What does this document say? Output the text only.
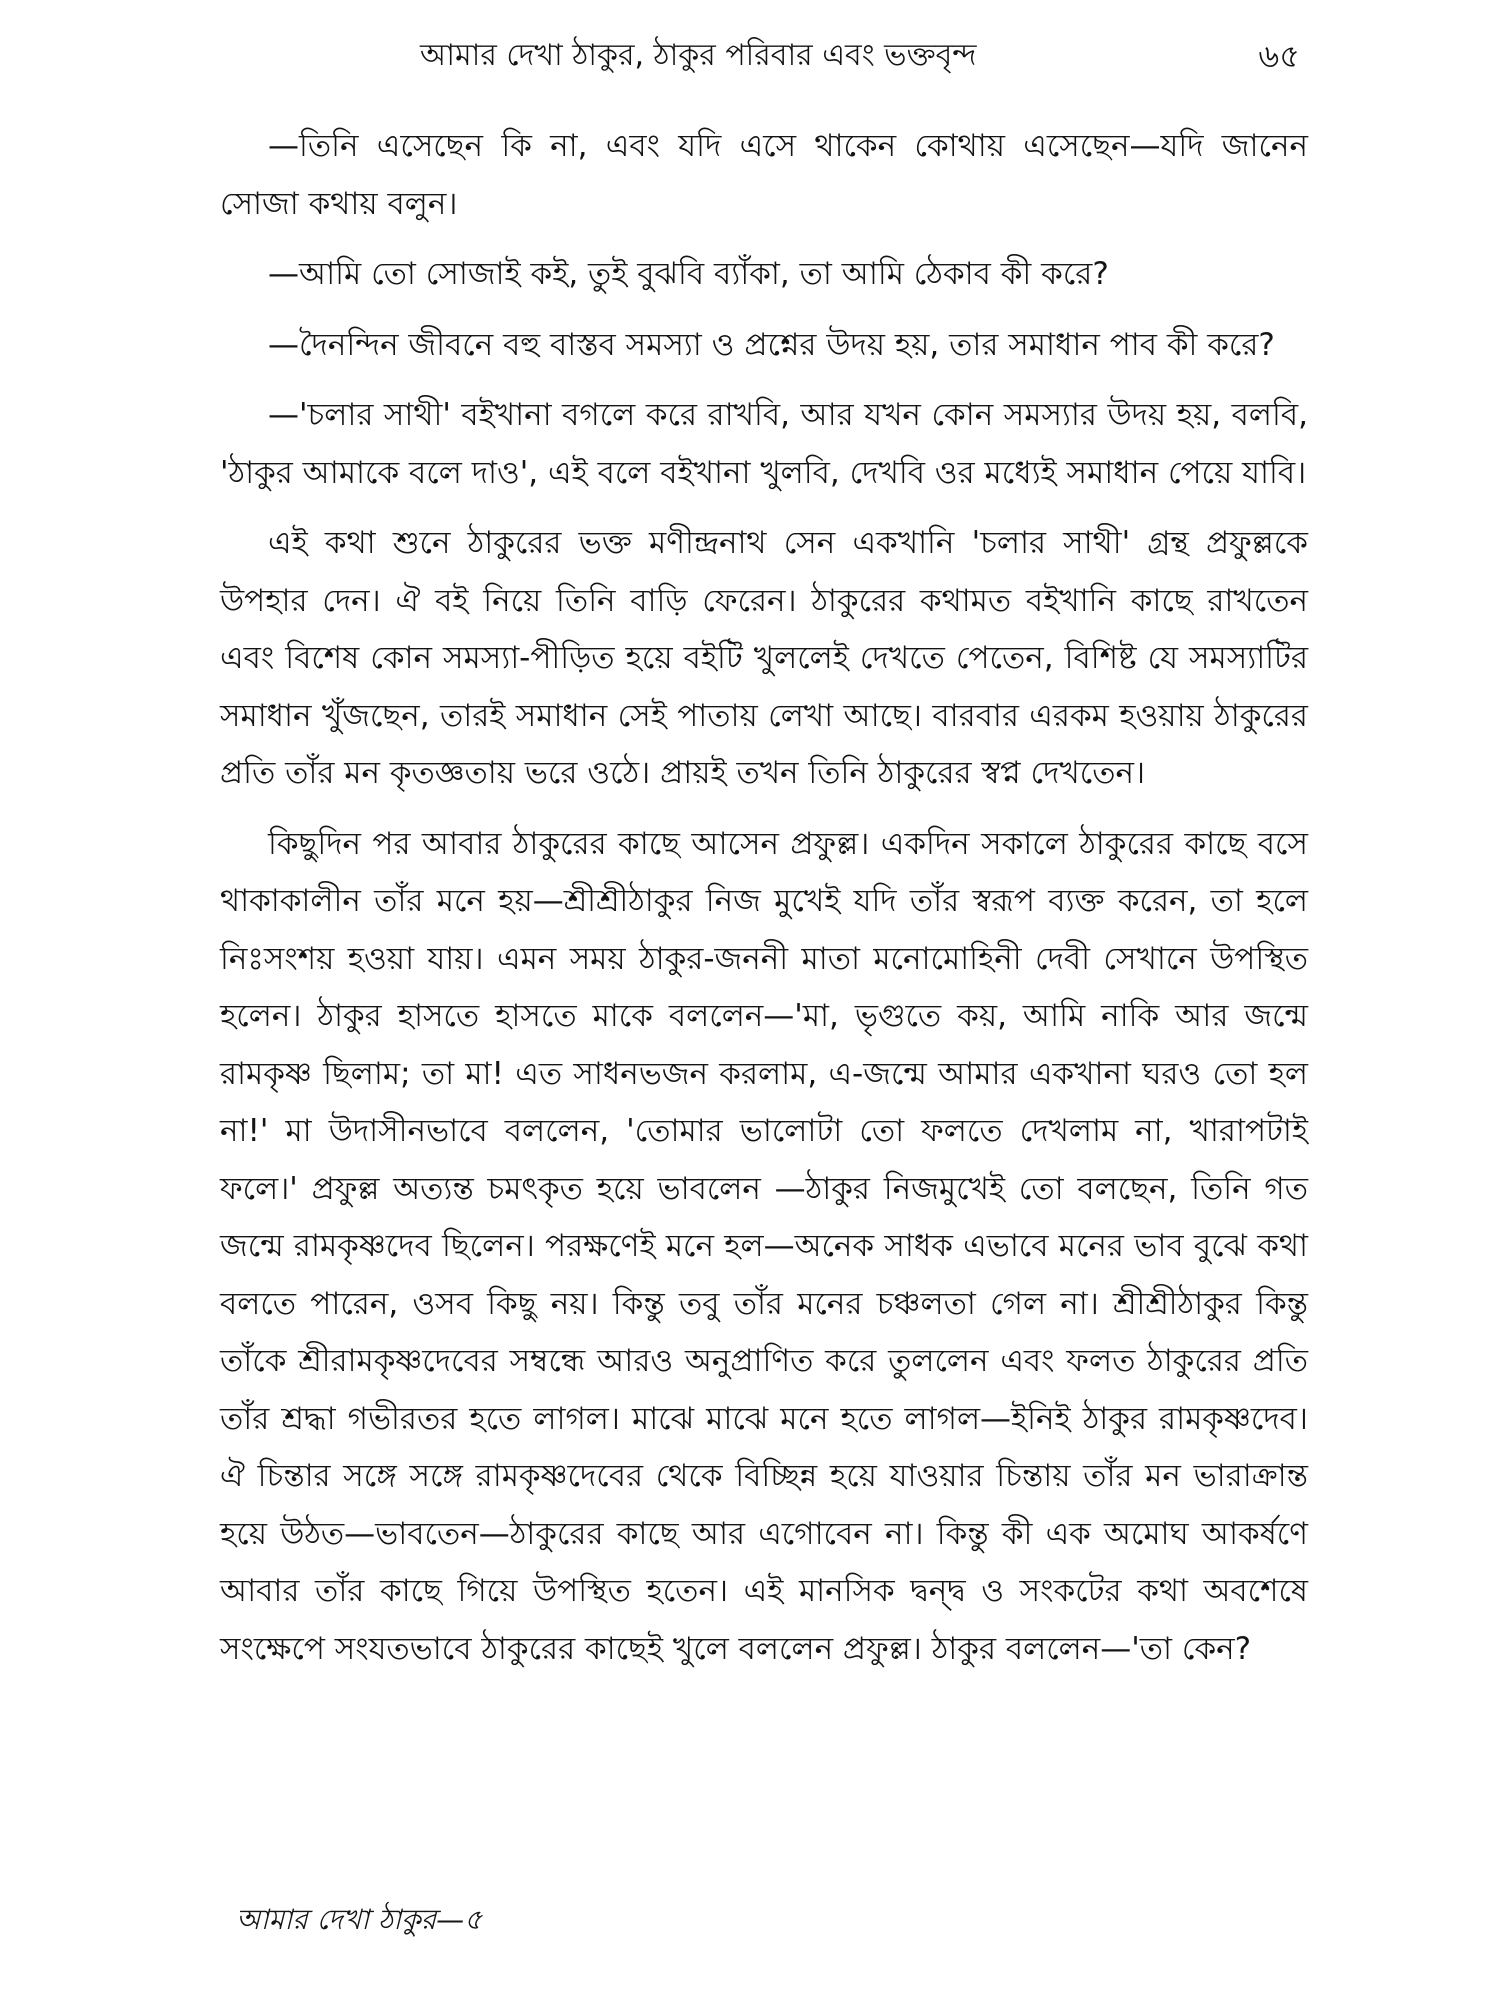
আমার দেখা ঠাকুর, ঠাকুর পরিবার এবং ভক্তবৃন্দ	৬৫

—তিনি এসেছেন কি না, এবং যদি এসে থাকেন কোথায় এসেছেন—যদি জানেন সোজা কথায় বলুন।

—আমি তো সোজাই কই, তুই বুঝবি ব্যাঁকা, তা আমি ঠেকাব কী করে?

—দৈনন্দিন জীবনে বহু বাস্তব সমস্যা ও প্রশ্নের উদয় হয়, তার সমাধান পাব কী করে?

—'চলার সাথী' বইখানা বগলে করে রাখবি, আর যখন কোন সমস্যার উদয় হয়, বলবি, 'ঠাকুর আমাকে বলে দাও', এই বলে বইখানা খুলবি, দেখবি ওর মধ্যেই সমাধান পেয়ে যাবি।

এই কথা শুনে ঠাকুরের ভক্ত মণীন্দ্রনাথ সেন একখানি 'চলার সাথী' গ্রন্থ প্রফুল্লকে উপহার দেন। ঐ বই নিয়ে তিনি বাড়ি ফেরেন। ঠাকুরের কথামত বইখানি কাছে রাখতেন এবং বিশেষ কোন সমস্যা-পীড়িত হয়ে বইটি খুললেই দেখতে পেতেন, বিশিষ্ট যে সমস্যাটির সমাধান খুঁজছেন, তারই সমাধান সেই পাতায় লেখা আছে। বারবার এরকম হওয়ায় ঠাকুরের প্রতি তাঁর মন কৃতজ্ঞতায় ভরে ওঠে। প্রায়ই তখন তিনি ঠাকুরের স্বপ্ন দেখতেন।

কিছুদিন পর আবার ঠাকুরের কাছে আসেন প্রফুল্ল। একদিন সকালে ঠাকুরের কাছে বসে থাকাকালীন তাঁর মনে হয়—শ্রীশ্রীঠাকুর নিজ মুখেই যদি তাঁর স্বরূপ ব্যক্ত করেন, তা হলে নিঃসংশয় হওয়া যায়। এমন সময় ঠাকুর-জননী মাতা মনোমোহিনী দেবী সেখানে উপস্থিত হলেন। ঠাকুর হাসতে হাসতে মাকে বললেন—'মা, ভৃগুতে কয়, আমি নাকি আর জন্মে রামকৃষ্ণ ছিলাম; তা মা! এত সাধনভজন করলাম, এ-জন্মে আমার একখানা ঘরও তো হল না!' মা উদাসীনভাবে বললেন, 'তোমার ভালোটা তো ফলতে দেখলাম না, খারাপটাই ফলে।' প্রফুল্ল অত্যন্ত চমৎকৃত হয়ে ভাবলেন —ঠাকুর নিজমুখেই তো বলছেন, তিনি গত জন্মে রামকৃষ্ণদেব ছিলেন। পরক্ষণেই মনে হল—অনেক সাধক এভাবে মনের ভাব বুঝে কথা বলতে পারেন, ওসব কিছু নয়। কিন্তু তবু তাঁর মনের চঞ্চলতা গেল না। শ্রীশ্রীঠাকুর কিন্তু তাঁকে শ্রীরামকৃষ্ণদেবের সম্বন্ধে আরও অনুপ্রাণিত করে তুললেন এবং ফলত ঠাকুরের প্রতি তাঁর শ্রদ্ধা গভীরতর হতে লাগল। মাঝে মাঝে মনে হতে লাগল—ইনিই ঠাকুর রামকৃষ্ণদেব। ঐ চিন্তার সঙ্গে সঙ্গে রামকৃষ্ণদেবের থেকে বিচ্ছিন্ন হয়ে যাওয়ার চিন্তায় তাঁর মন ভারাক্রান্ত হয়ে উঠত—ভাবতেন—ঠাকুরের কাছে আর এগোবেন না। কিন্তু কী এক অমোঘ আকর্ষণে আবার তাঁর কাছে গিয়ে উপস্থিত হতেন। এই মানসিক দ্বন্দ্ব ও সংকটের কথা অবশেষে সংক্ষেপে সংযতভাবে ঠাকুরের কাছেই খুলে বললেন প্রফুল্ল। ঠাকুর বললেন—'তা কেন?

আমার দেখা ঠাকুর—৫
